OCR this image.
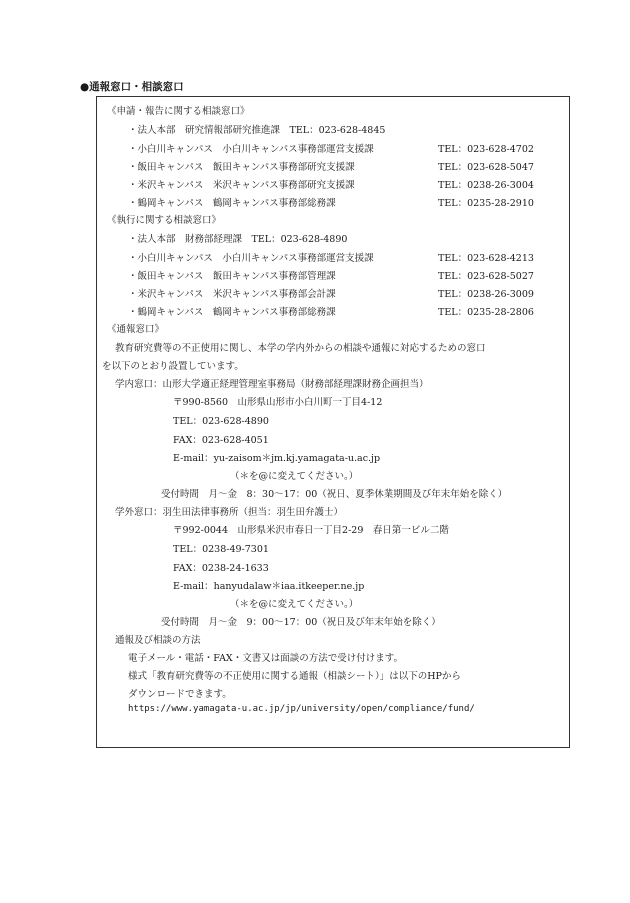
●通報窓口・相談窓口
《申請・報告に関する相談窓口》
・法人本部　研究情報部研究推進課　TEL：023-628-4845
・小白川キャンパス　小白川キャンパス事務部運営支援課	TEL：023-628-4702
・飯田キャンパス　飯田キャンパス事務部研究支援課	TEL：023-628-5047
・米沢キャンパス　米沢キャンパス事務部研究支援課	TEL：0238-26-3004
・鶴岡キャンパス　鶴岡キャンパス事務部総務課	TEL：0235-28-2910
《執行に関する相談窓口》
・法人本部　財務部経理課　TEL：023-628-4890
・小白川キャンパス　小白川キャンパス事務部運営支援課	TEL：023-628-4213
・飯田キャンパス　飯田キャンパス事務部管理課	TEL：023-628-5027
・米沢キャンパス　米沢キャンパス事務部会計課	TEL：0238-26-3009
・鶴岡キャンパス　鶴岡キャンパス事務部総務課	TEL：0235-28-2806
《通報窓口》
教育研究費等の不正使用に関し、本学の学内外からの相談や通報に対応するための窓口
を以下のとおり設置しています。
学内窓口：山形大学適正経理管理室事務局（財務部経理課財務企画担当）
〒990-8560　山形県山形市小白川町一丁目4-12
TEL：023-628-4890
FAX：023-628-4051
E-mail：yu-zaisom＊jm.kj.yamagata-u.ac.jp
（＊を@に変えてください。）
受付時間　月～金　8：30～17：00（祝日、夏季休業期間及び年末年始を除く）
学外窓口：羽生田法律事務所（担当：羽生田弁護士）
〒992-0044　山形県米沢市春日一丁目2-29　春日第一ビル二階
TEL：0238-49-7301
FAX：0238-24-1633
E-mail：hanyudalaw＊iaa.itkeeper.ne.jp
（＊を@に変えてください。）
受付時間　月～金　9：00～17：00（祝日及び年末年始を除く）
通報及び相談の方法
電子メール・電話・FAX・文書又は面談の方法で受け付けます。
様式「教育研究費等の不正使用に関する通報（相談シート）」は以下のHPから
ダウンロードできます。
https://www.yamagata-u.ac.jp/jp/university/open/compliance/fund/
